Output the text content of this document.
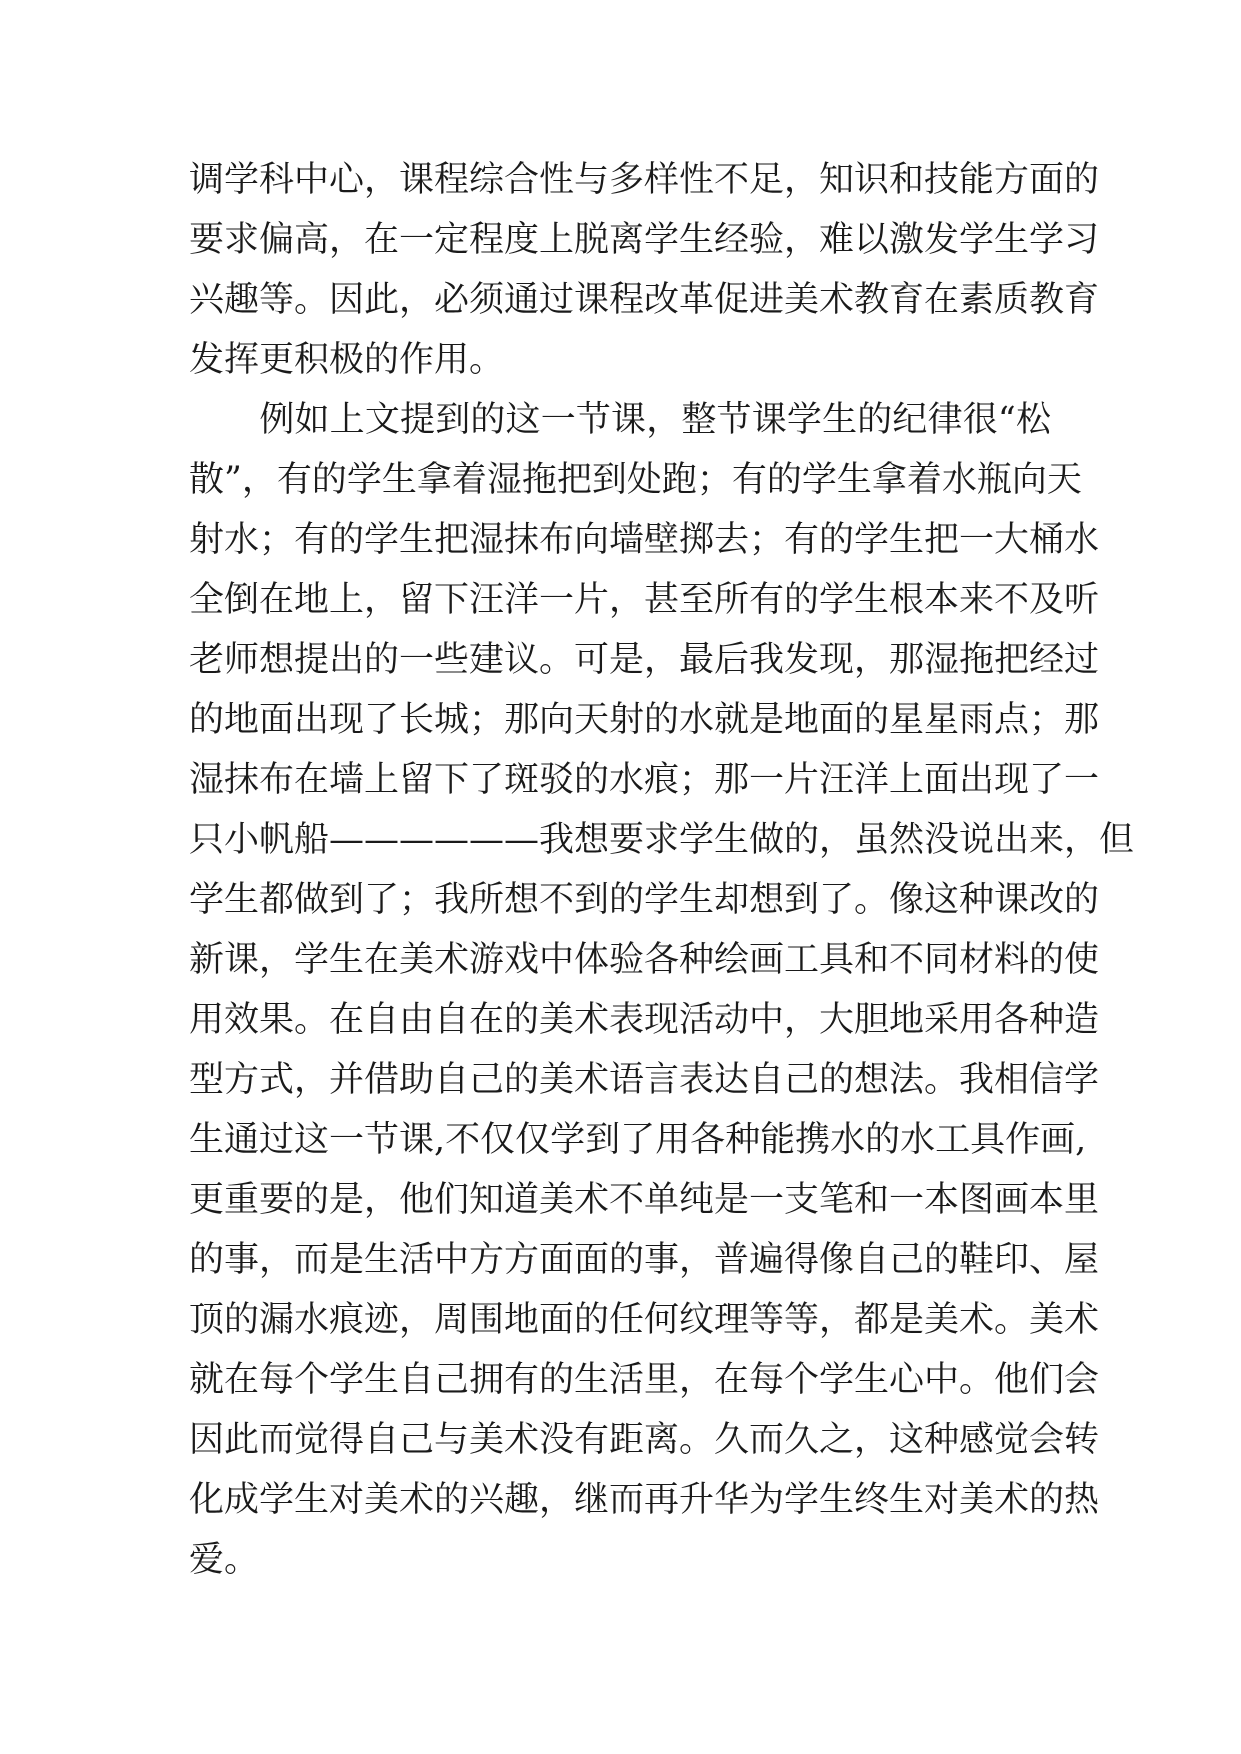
调学科中心，课程综合性与多样性不足，知识和技能方面的
要求偏高，在一定程度上脱离学生经验，难以激发学生学习
兴趣等。因此，必须通过课程改革促进美术教育在素质教育
发挥更积极的作用。
　　例如上文提到的这一节课，整节课学生的纪律很“松
散”，有的学生拿着湿拖把到处跑；有的学生拿着水瓶向天
射水；有的学生把湿抹布向墙壁掷去；有的学生把一大桶水
全倒在地上，留下汪洋一片，甚至所有的学生根本来不及听
老师想提出的一些建议。可是，最后我发现，那湿拖把经过
的地面出现了长城；那向天射的水就是地面的星星雨点；那
湿抹布在墙上留下了斑驳的水痕；那一片汪洋上面出现了一
只小帆船——————我想要求学生做的，虽然没说出来，但
学生都做到了；我所想不到的学生却想到了。像这种课改的
新课，学生在美术游戏中体验各种绘画工具和不同材料的使
用效果。在自由自在的美术表现活动中，大胆地采用各种造
型方式，并借助自己的美术语言表达自己的想法。我相信学
生通过这一节课,不仅仅学到了用各种能携水的水工具作画,
更重要的是，他们知道美术不单纯是一支笔和一本图画本里
的事，而是生活中方方面面的事，普遍得像自己的鞋印、屋
顶的漏水痕迹，周围地面的任何纹理等等，都是美术。美术
就在每个学生自己拥有的生活里，在每个学生心中。他们会
因此而觉得自己与美术没有距离。久而久之，这种感觉会转
化成学生对美术的兴趣，继而再升华为学生终生对美术的热
爱。
